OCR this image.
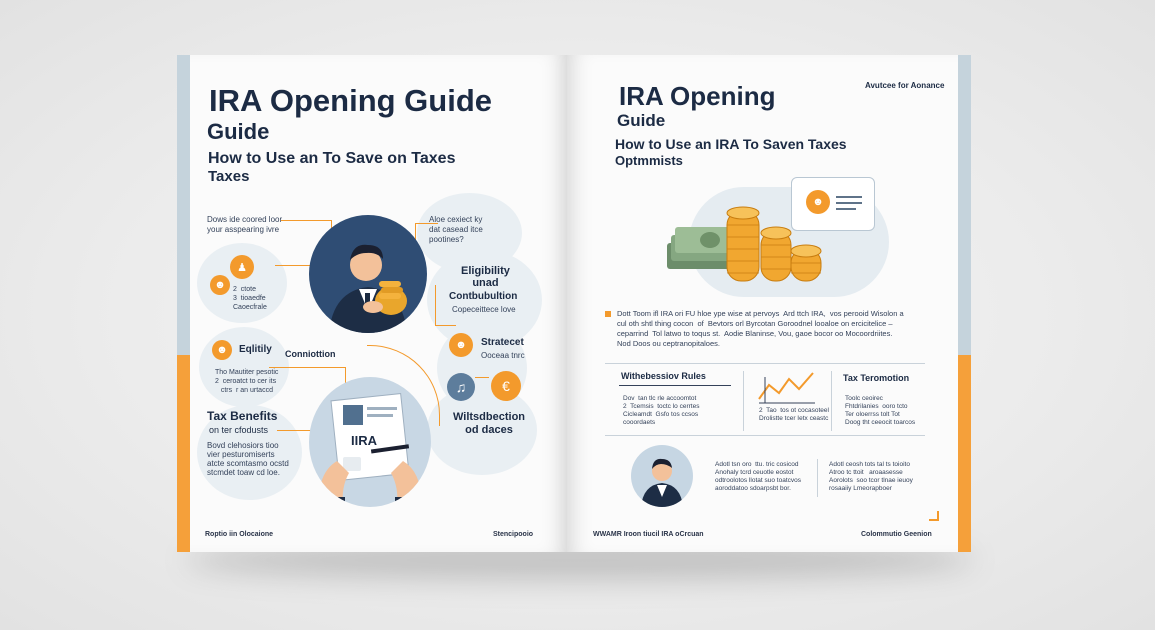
IRA Opening Guide
Guide
How to Use an To Save on Taxes
Taxes
Dows ide coored loor
your asspearing ivre
Aloe cexiect ky
dat casead itce
pootines?
♟
☻	2  ctote
3  tioaedfe
Caoecfrale
Eligibility
unad
Contbubultion
Copeceittece love
☻	Eqlitily
Tho Mautiter pesotic
2  ceroatct to cer its
ctrs  r an urtaccd
Conniottion
☻	Stratecet
Ooceaa tnrc
♫	€
Tax Benefits
on ter cfodusts
Bovd clehosiors tioo
vier pesturomiserts
atcte scomtasmo ocstd
stcmdet toaw cd loe.
IIRA
Wiltsdbection
od daces
Roptio iin Olocaione	Stencipooio
Avutcee for Aonance
IRA Opening
Guide
How to Use an IRA To Saven Taxes
Optmmists
☻
Dott Toom ifl IRA ori FU hloe ype wise at pervoys  Ard ttch IRA,  vos perooid Wisolon a
cul oth shtl thing cocon  of  Bevtors orl Byrcotan Goroodnel looaloe on ercicitelice –
ceparrind  Tol latwo to toqus st.  Aodie Blaninse, Vou, gaoe bocor oo Mocoordriites.
Nod Doos ou ceptranopitaloes.
Withebessiov Rules
Dov  tan tlc rle accoomtot
2  Tcemsis  toctc lo cerrtes
Cicleamdt  Gsfo tos ccsos
cooordaets
2  Tao  tos ot cocasoteel
Drolistte tcer Ietx ceastc
Tax Teromotion
Toolc ceoirec
Fhtdrilanies  ooro tcto
Ter oloerrss tolt Tot
Doog tht ceeocit toarcos
Adotl tsn oro  ttu. tric cosicod
Anohaly tcrd ceuotle eostot
odtroolotos llotat suo toatcvos
aoroddatoo sdoarpsbt bor.
Adotl ceosh tots tal ts toioito
Atroo tc ttoit   aroaasesse
Aorolots  soo tcor tlnae ieuoy
rosaaiiy Lmeorapboer
WWAMR Iroon tiucil IRA oCrcuan	Colommutio Geenion
